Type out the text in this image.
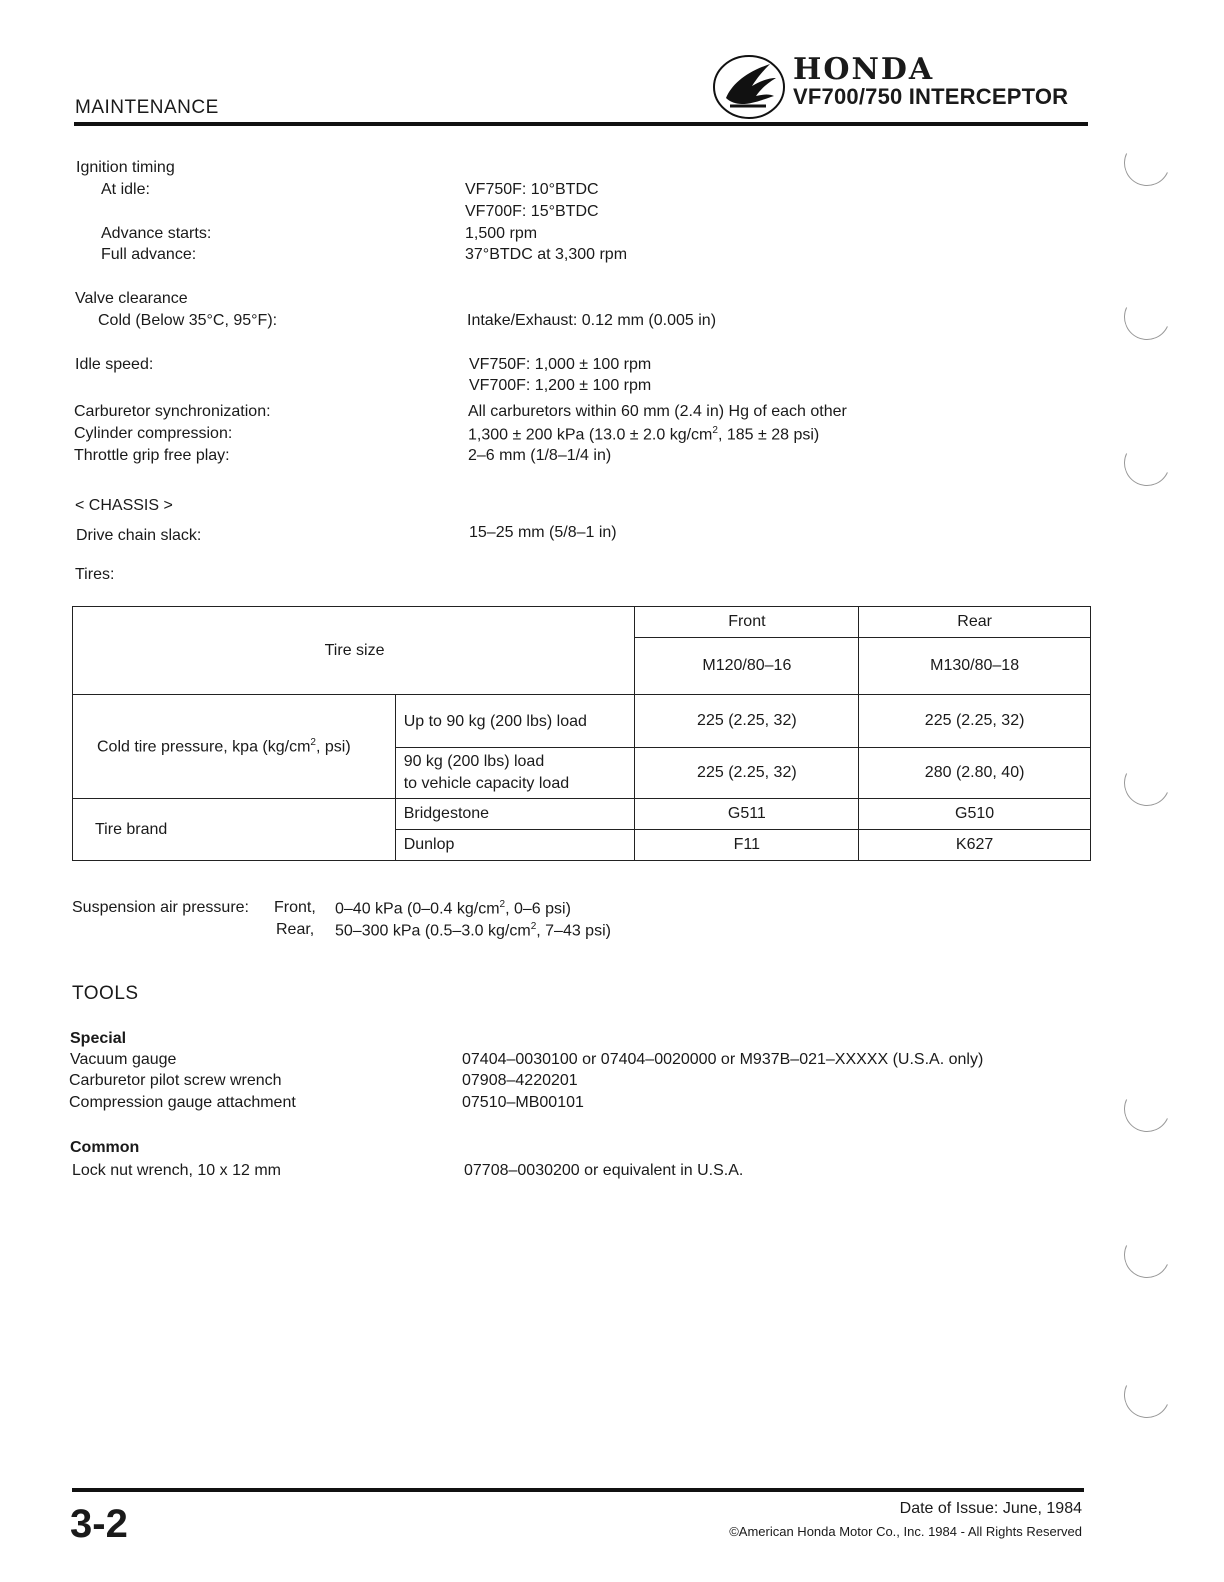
MAINTENANCE
HONDA
VF700/750 INTERCEPTOR
Ignition timing
At idle:	VF750F: 10°BTDC
VF700F: 15°BTDC
Advance starts:	1,500 rpm
Full advance:	37°BTDC at 3,300 rpm
Valve clearance
Cold (Below 35°C, 95°F):	Intake/Exhaust: 0.12 mm (0.005 in)
Idle speed:	VF750F: 1,000 ± 100 rpm
VF700F: 1,200 ± 100 rpm
Carburetor synchronization:	All carburetors within 60 mm (2.4 in) Hg of each other
Cylinder compression:	1,300 ± 200 kPa (13.0 ± 2.0 $kg/cm^2$, 185 ± 28 psi)
Throttle grip free play:	2–6 mm (1/8–1/4 in)
< CHASSIS >
Drive chain slack:	15–25 mm (5/8–1 in)
Tires:
Tire size		Front	Rear
		M120/80–16	M130/80–18
Cold tire pressure, kpa ($kg/cm^2$, psi)	Up to 90 kg (200 lbs) load	225 (2.25, 32)	225 (2.25, 32)
	90 kg (200 lbs) load
to vehicle capacity load	225 (2.25, 32)	280 (2.80, 40)
Tire brand	Bridgestone	G511	G510
	Dunlop	F11	K627
Suspension air pressure: Front, 0–40 kPa (0–0.4 $kg/cm^2$, 0–6 psi)
Rear, 50–300 kPa (0.5–3.0 $kg/cm^2$, 7–43 psi)
TOOLS
Special
Vacuum gauge	07404–0030100 or 07404–0020000 or M937B–021–XXXXX (U.S.A. only)
Carburetor pilot screw wrench	07908–4220201
Compression gauge attachment	07510–MB00101
Common
Lock nut wrench, 10 x 12 mm	07708–0030200 or equivalent in U.S.A.
3-2	Date of Issue: June, 1984
©American Honda Motor Co., Inc. 1984 - All Rights Reserved
